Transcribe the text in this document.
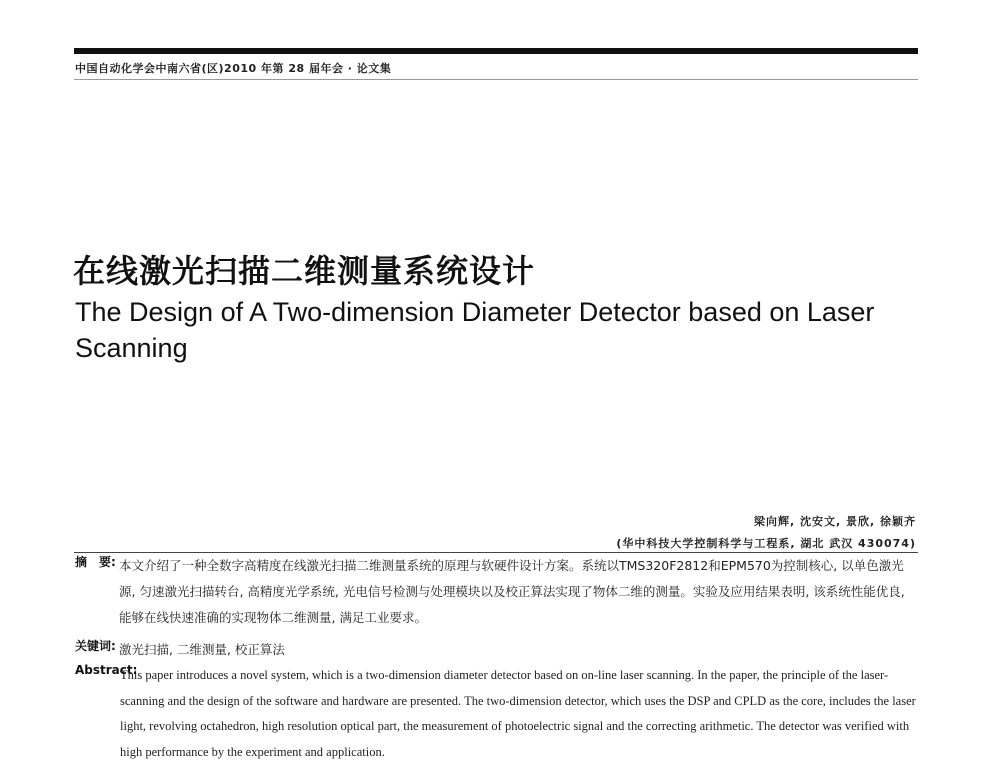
中国自动化学会中南六省(区)2010 年第 28 届年会 · 论文集
在线激光扫描二维测量系统设计
The Design of A Two-dimension Diameter Detector based on Laser Scanning
梁向辉, 沈安文, 景欣, 徐颖齐
(华中科技大学控制科学与工程系, 湖北 武汉 430074)
摘　要: 本文介绍了一种全数字高精度在线激光扫描二维测量系统的原理与软硬件设计方案。系统以TMS320F2812和EPM570为控制核心, 以单色激光源, 匀速激光扫描转台, 高精度光学系统, 光电信号检测与处理模块以及校正算法实现了物体二维的测量。实验及应用结果表明, 该系统性能优良, 能够在线快速准确的实现物体二维测量, 满足工业要求。

关键词: 激光扫描, 二维测量, 校正算法

Abstract:

This paper introduces a novel system, which is a two-dimension diameter detector based on on-line laser scanning. In the paper, the principle of the laser-scanning and the design of the software and hardware are presented. The two-dimension detector, which uses the DSP and CPLD as the core, includes the laser light, revolving octahedron, high resolution optical part, the measurement of photoelectric signal and the correcting arithmetic. The detector was verified with high performance by the experiment and application.
